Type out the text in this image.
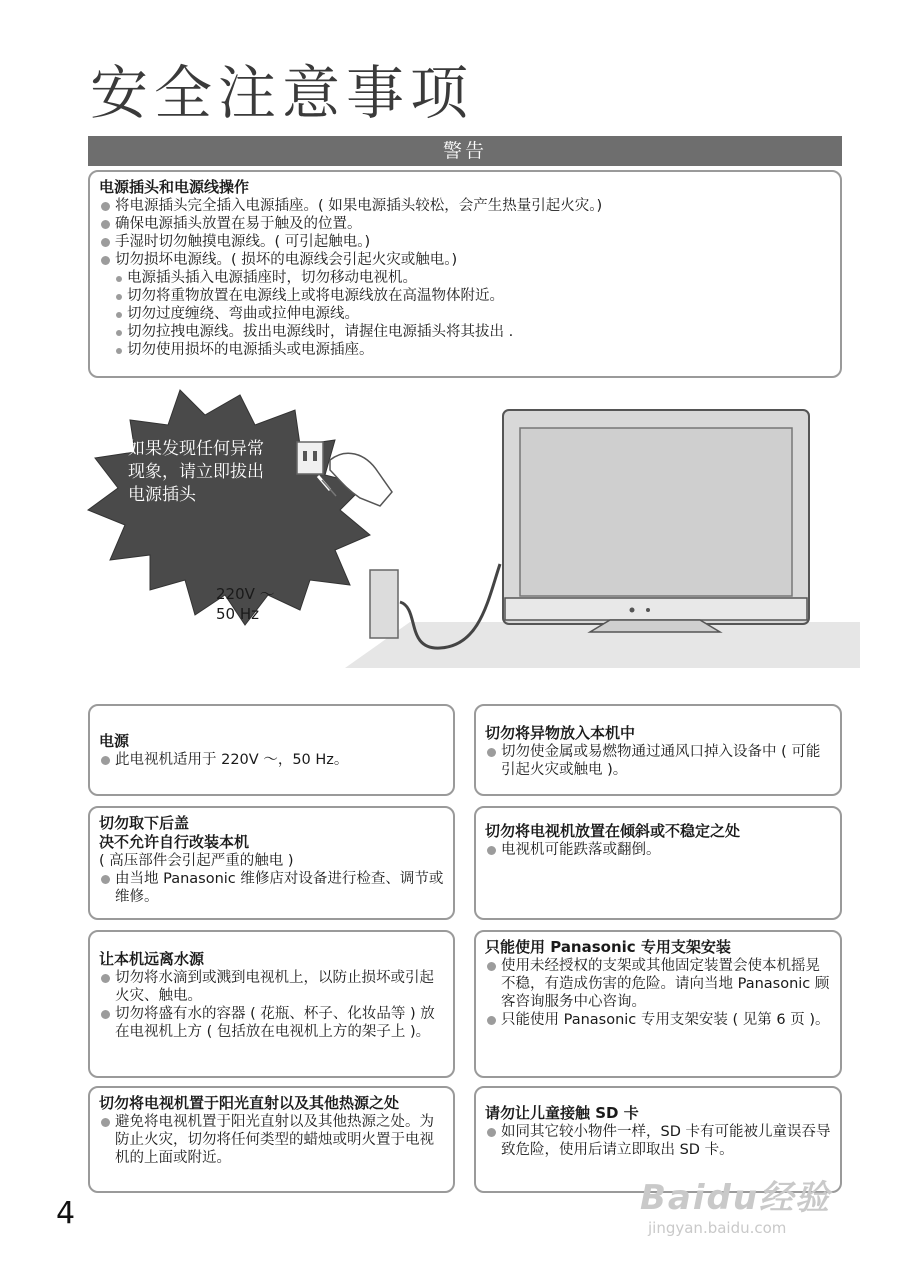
安全注意事项
警告
电源插头和电源线操作
将电源插头完全插入电源插座。( 如果电源插头较松，会产生热量引起火灾。)
确保电源插头放置在易于触及的位置。
手湿时切勿触摸电源线。( 可引起触电。)
切勿损坏电源线。( 损坏的电源线会引起火灾或触电。)
电源插头插入电源插座时，切勿移动电视机。
切勿将重物放置在电源线上或将电源线放在高温物体附近。
切勿过度缠绕、弯曲或拉伸电源线。
切勿拉拽电源线。拔出电源线时，请握住电源插头将其拔出 .
切勿使用损坏的电源插头或电源插座。
如果发现任何异常
现象，请立即拔出
电源插头
220V ～
50 Hz
电源
此电视机适用于 220V ～，50 Hz。
切勿取下后盖
决不允许自行改装本机

( 高压部件会引起严重的触电 )

由当地 Panasonic 维修店对设备进行检查、调节或维修。
让本机远离水源
切勿将水滴到或溅到电视机上，以防止损坏或引起火灾、触电。
切勿将盛有水的容器 ( 花瓶、杯子、化妆品等 ) 放在电视机上方 ( 包括放在电视机上方的架子上 )。
切勿将电视机置于阳光直射以及其他热源之处
避免将电视机置于阳光直射以及其他热源之处。为防止火灾，切勿将任何类型的蜡烛或明火置于电视机的上面或附近。
切勿将异物放入本机中
切勿使金属或易燃物通过通风口掉入设备中 ( 可能引起火灾或触电 )。
切勿将电视机放置在倾斜或不稳定之处
电视机可能跌落或翻倒。
只能使用 Panasonic 专用支架安装
使用未经授权的支架或其他固定装置会使本机摇晃不稳，有造成伤害的危险。请向当地 Panasonic 顾客咨询服务中心咨询。
只能使用 Panasonic 专用支架安装 ( 见第 6 页 )。
请勿让儿童接触 SD 卡
如同其它较小物件一样，SD 卡有可能被儿童误吞导致危险，使用后请立即取出 SD 卡。
4	Baidu经验
jingyan.baidu.com
